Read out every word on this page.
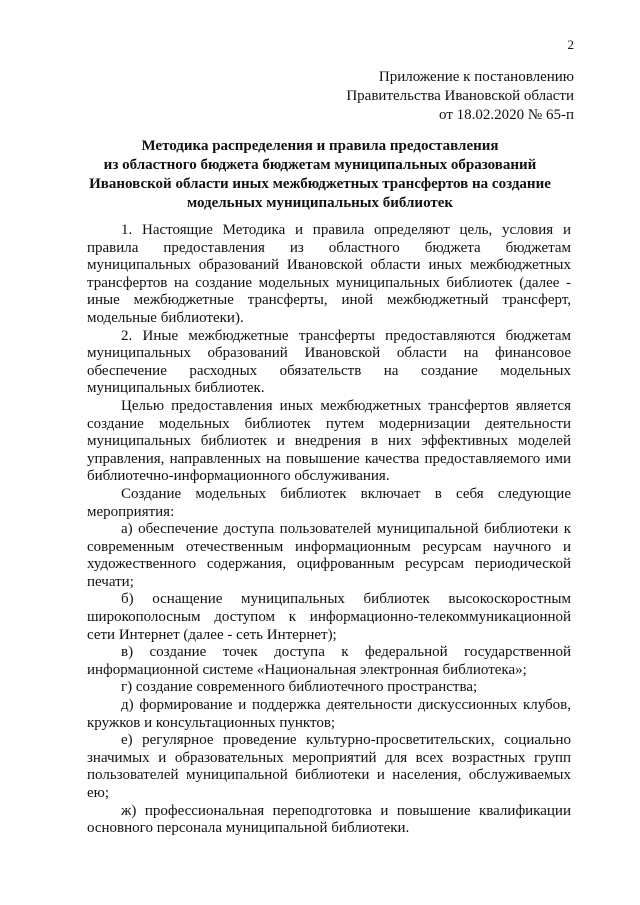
2
Приложение к постановлению
Правительства Ивановской области
от 18.02.2020 № 65-п
Методика распределения и правила предоставления
из областного бюджета бюджетам муниципальных образований
Ивановской области иных межбюджетных трансфертов на создание
модельных муниципальных библиотек

1. Настоящие Методика и правила определяют цель, условия и правила предоставления из областного бюджета бюджетам муниципальных образований Ивановской области иных межбюджетных трансфертов на создание модельных муниципальных библиотек (далее - иные межбюджетные трансферты, иной межбюджетный трансферт, модельные библиотеки).

2. Иные межбюджетные трансферты предоставляются бюджетам муниципальных образований Ивановской области на финансовое обеспечение расходных обязательств на создание модельных муниципальных библиотек.

Целью предоставления иных межбюджетных трансфертов является создание модельных библиотек путем модернизации деятельности муниципальных библиотек и внедрения в них эффективных моделей управления, направленных на повышение качества предоставляемого ими библиотечно-информационного обслуживания.

Создание модельных библиотек включает в себя следующие мероприятия:

а) обеспечение доступа пользователей муниципальной библиотеки к современным отечественным информационным ресурсам научного и художественного содержания, оцифрованным ресурсам периодической печати;

б) оснащение муниципальных библиотек высокоскоростным широкополосным доступом к информационно-телекоммуникационной сети Интернет (далее - сеть Интернет);

в) создание точек доступа к федеральной государственной информационной системе «Национальная электронная библиотека»;

г) создание современного библиотечного пространства;

д) формирование и поддержка деятельности дискуссионных клубов, кружков и консультационных пунктов;

е) регулярное проведение культурно-просветительских, социально значимых и образовательных мероприятий для всех возрастных групп пользователей муниципальной библиотеки и населения, обслуживаемых ею;

ж) профессиональная переподготовка и повышение квалификации основного персонала муниципальной библиотеки.
